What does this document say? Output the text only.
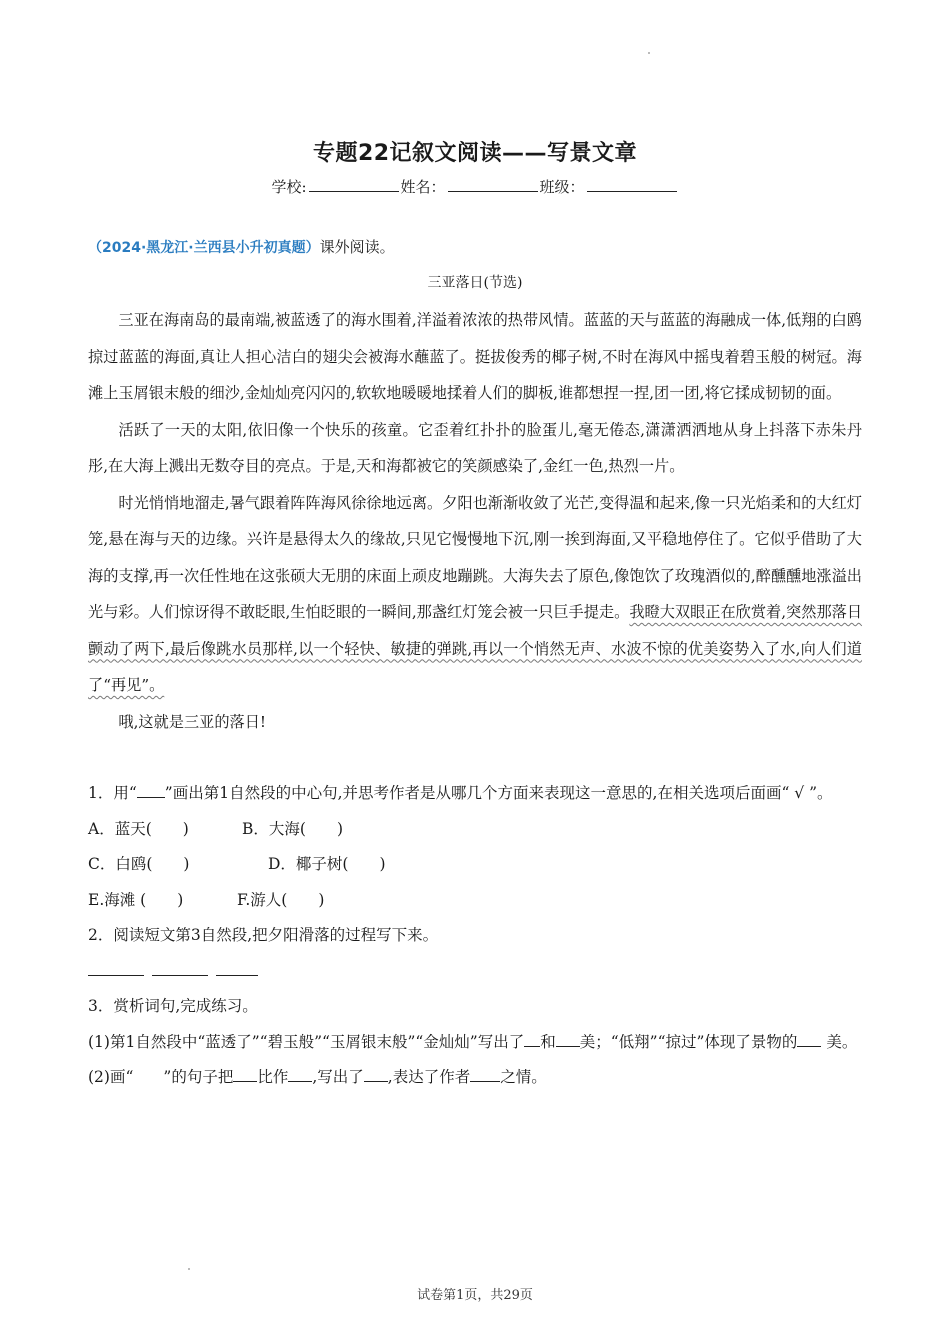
专题22记叙文阅读——写景文章
学校:	姓名：	班级：
（2024·黑龙江·兰西县小升初真题）课外阅读。
三亚落日(节选)

三亚在海南岛的最南端,被蓝透了的海水围着,洋溢着浓浓的热带风情。蓝蓝的天与蓝蓝的海融成一体,低翔的白鸥掠过蓝蓝的海面,真让人担心洁白的翅尖会被海水蘸蓝了。挺拔俊秀的椰子树,不时在海风中摇曳着碧玉般的树冠。海滩上玉屑银末般的细沙,金灿灿亮闪闪的,软软地暖暖地揉着人们的脚板,谁都想捏一捏,团一团,将它揉成韧韧的面。

活跃了一天的太阳,依旧像一个快乐的孩童。它歪着红扑扑的脸蛋儿,毫无倦态,潇潇洒洒地从身上抖落下赤朱丹彤,在大海上溅出无数夺目的亮点。于是,天和海都被它的笑颜感染了,金红一色,热烈一片。

时光悄悄地溜走,暑气跟着阵阵海风徐徐地远离。夕阳也渐渐收敛了光芒,变得温和起来,像一只光焰柔和的大红灯笼,悬在海与天的边缘。兴许是悬得太久的缘故,只见它慢慢地下沉,刚一挨到海面,又平稳地停住了。它似乎借助了大海的支撑,再一次任性地在这张硕大无朋的床面上顽皮地蹦跳。大海失去了原色,像饱饮了玫瑰酒似的,醉醺醺地涨溢出光与彩。人们惊讶得不敢眨眼,生怕眨眼的一瞬间,那盏红灯笼会被一只巨手提走。我瞪大双眼正在欣赏着,突然那落日颤动了两下,最后像跳水员那样,以一个轻快、敏捷的弹跳,再以一个悄然无声、水波不惊的优美姿势入了水,向人们道了“再见”。

哦,这就是三亚的落日!

1．用“ ”画出第1自然段的中心句,并思考作者是从哪几个方面来表现这一意思的,在相关选项后面画“ √ ”。

A．蓝天(　　)	B．大海(　　)
C．白鸥(　　)	D．椰子树(　　)
E.海滩 (　　)	F.游人(　　)

2．阅读短文第3自然段,把夕阳滑落的过程写下来。

3．赏析词句,完成练习。

(1)第1自然段中“蓝透了”“碧玉般”“玉屑银末般”“金灿灿”写出了 和 美；“低翔”“掠过”体现了景物的 美。

(2)画“ ”的句子把 比作 ,写出了 ,表达了作者 之情。

试卷第1页，共29页
